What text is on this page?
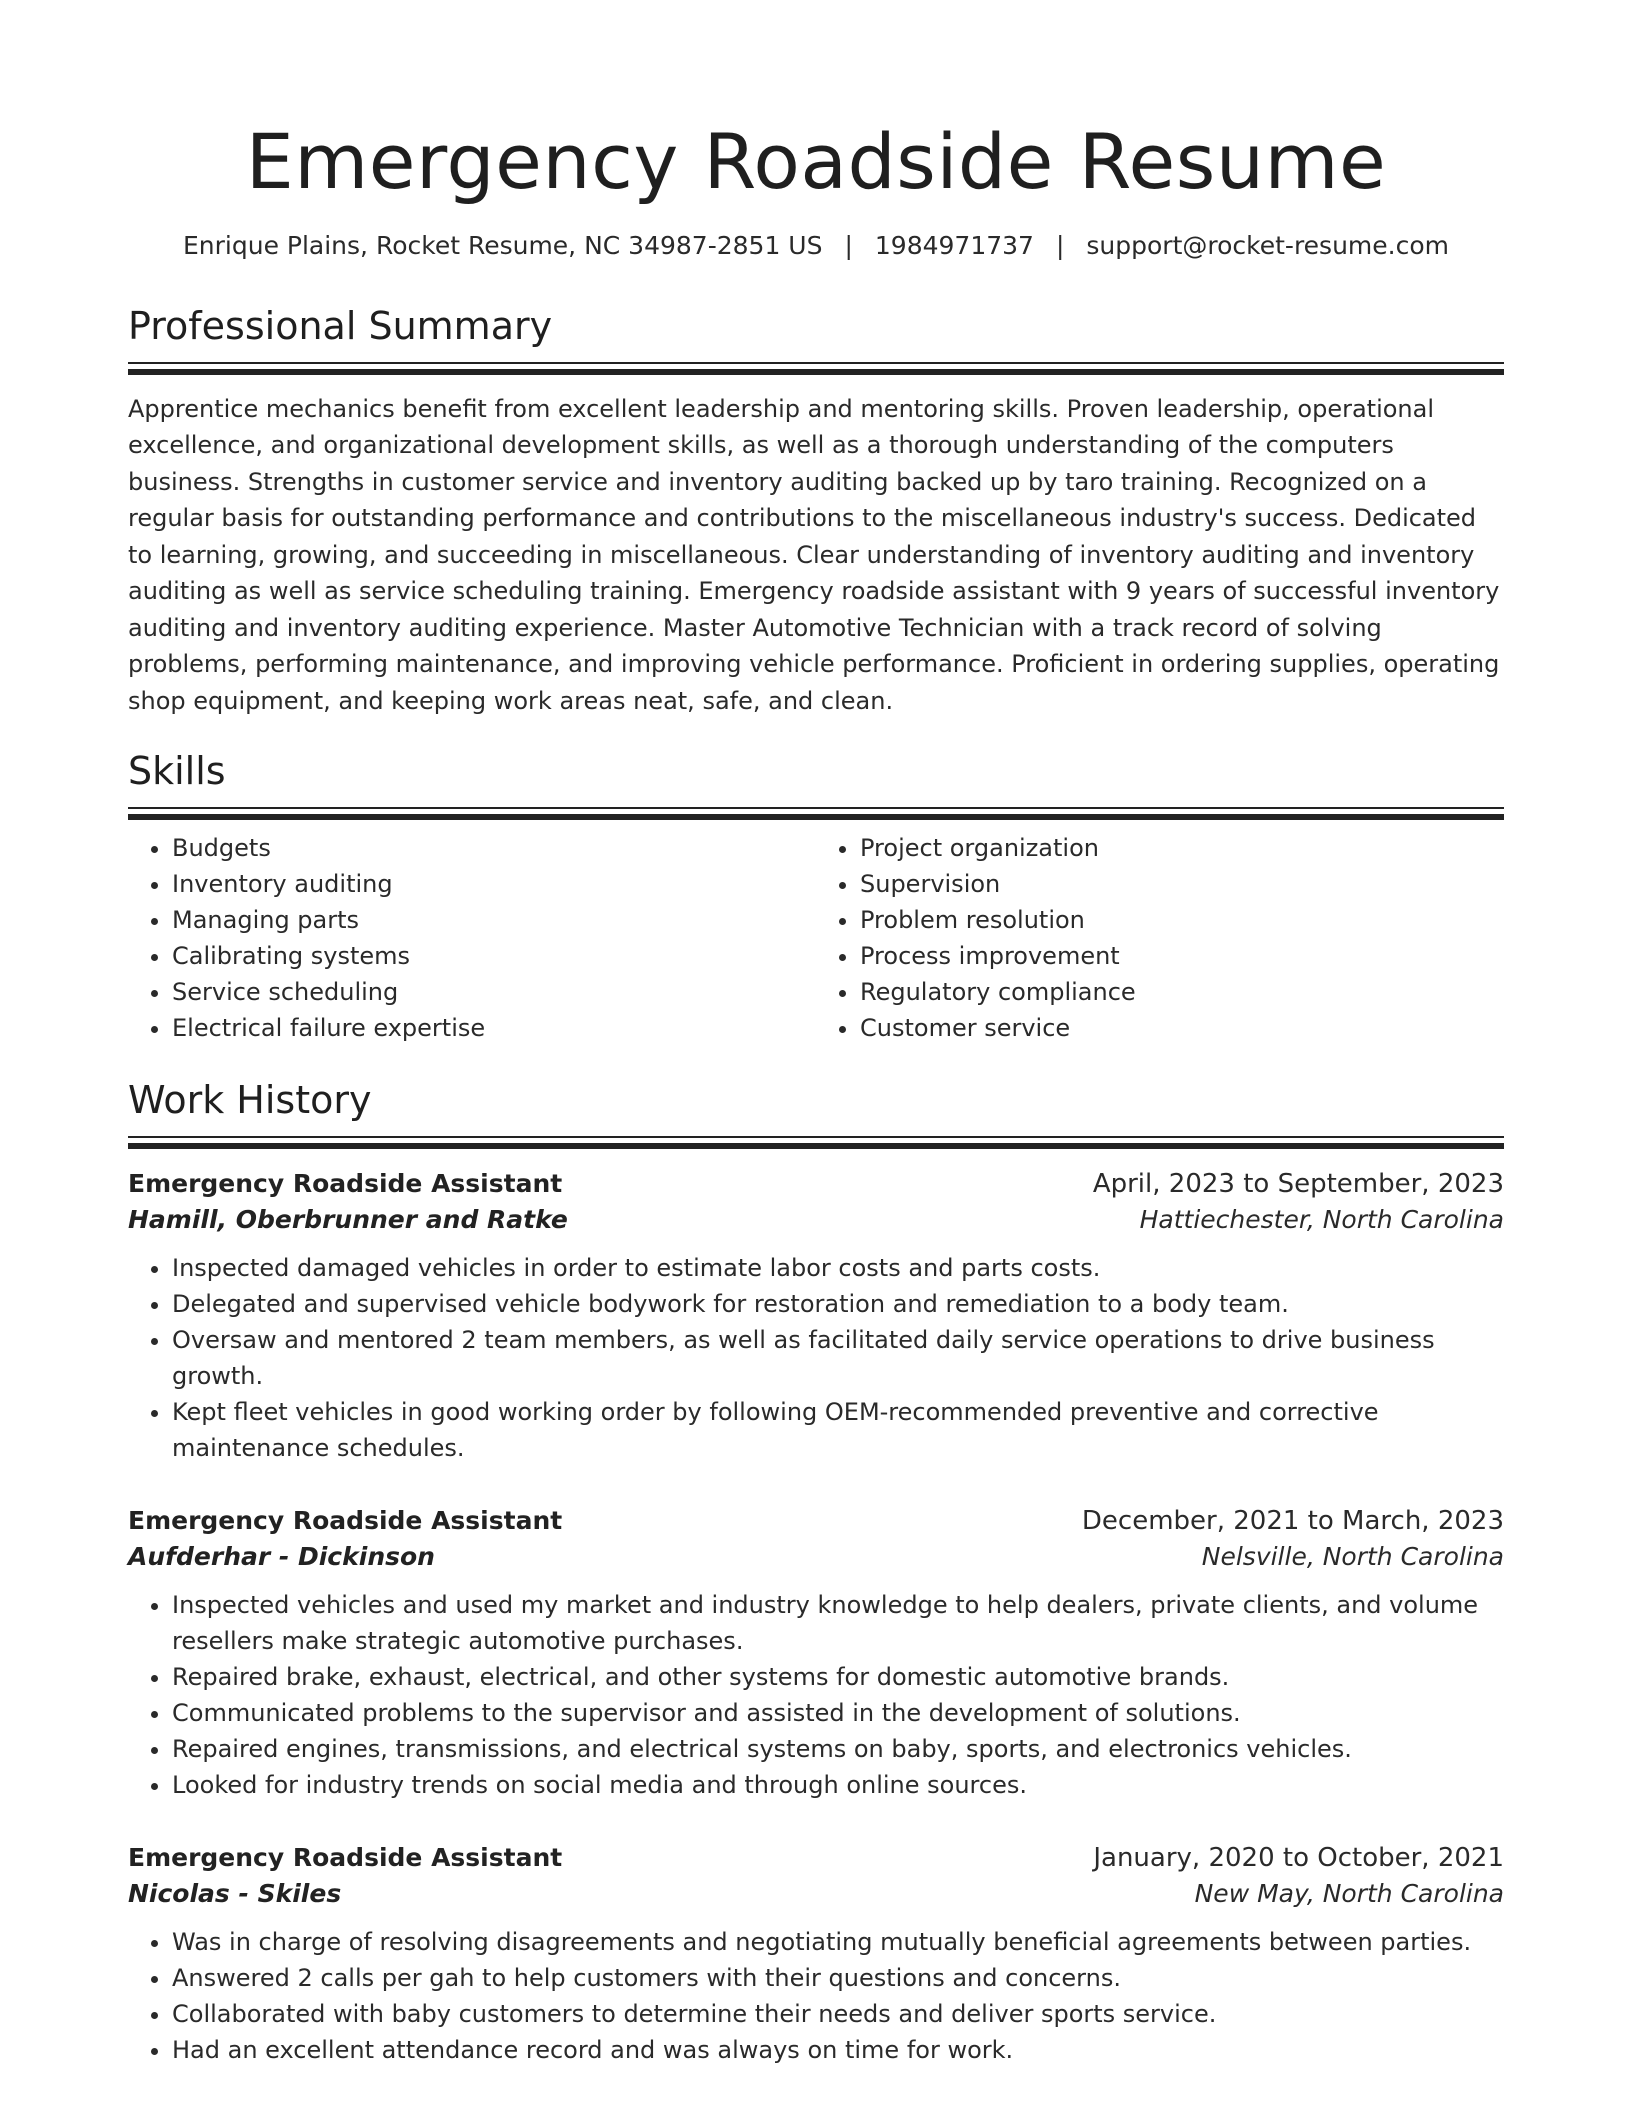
Emergency Roadside Resume
Enrique Plains, Rocket Resume, NC 34987-2851 US | 1984971737 | support@rocket-resume.com
Professional Summary

Apprentice mechanics benefit from excellent leadership and mentoring skills. Proven leadership, operational excellence, and organizational development skills, as well as a thorough understanding of the computers business. Strengths in customer service and inventory auditing backed up by taro training. Recognized on a regular basis for outstanding performance and contributions to the miscellaneous industry's success. Dedicated to learning, growing, and succeeding in miscellaneous. Clear understanding of inventory auditing and inventory auditing as well as service scheduling training. Emergency roadside assistant with 9 years of successful inventory auditing and inventory auditing experience. Master Automotive Technician with a track record of solving problems, performing maintenance, and improving vehicle performance. Proficient in ordering supplies, operating shop equipment, and keeping work areas neat, safe, and clean.

Skills
• Budgets
• Inventory auditing
• Managing parts
• Calibrating systems
• Service scheduling
• Electrical failure expertise
• Project organization
• Supervision
• Problem resolution
• Process improvement
• Regulatory compliance
• Customer service
Work History
Emergency Roadside Assistant	April, 2023 to September, 2023
Hamill, Oberbrunner and Ratke	Hattiechester, North Carolina
• Inspected damaged vehicles in order to estimate labor costs and parts costs.
• Delegated and supervised vehicle bodywork for restoration and remediation to a body team.
• Oversaw and mentored 2 team members, as well as facilitated daily service operations to drive business growth.
• Kept fleet vehicles in good working order by following OEM-recommended preventive and corrective maintenance schedules.
Emergency Roadside Assistant	December, 2021 to March, 2023
Aufderhar - Dickinson	Nelsville, North Carolina
• Inspected vehicles and used my market and industry knowledge to help dealers, private clients, and volume resellers make strategic automotive purchases.
• Repaired brake, exhaust, electrical, and other systems for domestic automotive brands.
• Communicated problems to the supervisor and assisted in the development of solutions.
• Repaired engines, transmissions, and electrical systems on baby, sports, and electronics vehicles.
• Looked for industry trends on social media and through online sources.
Emergency Roadside Assistant	January, 2020 to October, 2021
Nicolas - Skiles	New May, North Carolina
• Was in charge of resolving disagreements and negotiating mutually beneficial agreements between parties.
• Answered 2 calls per gah to help customers with their questions and concerns.
• Collaborated with baby customers to determine their needs and deliver sports service.
• Had an excellent attendance record and was always on time for work.
